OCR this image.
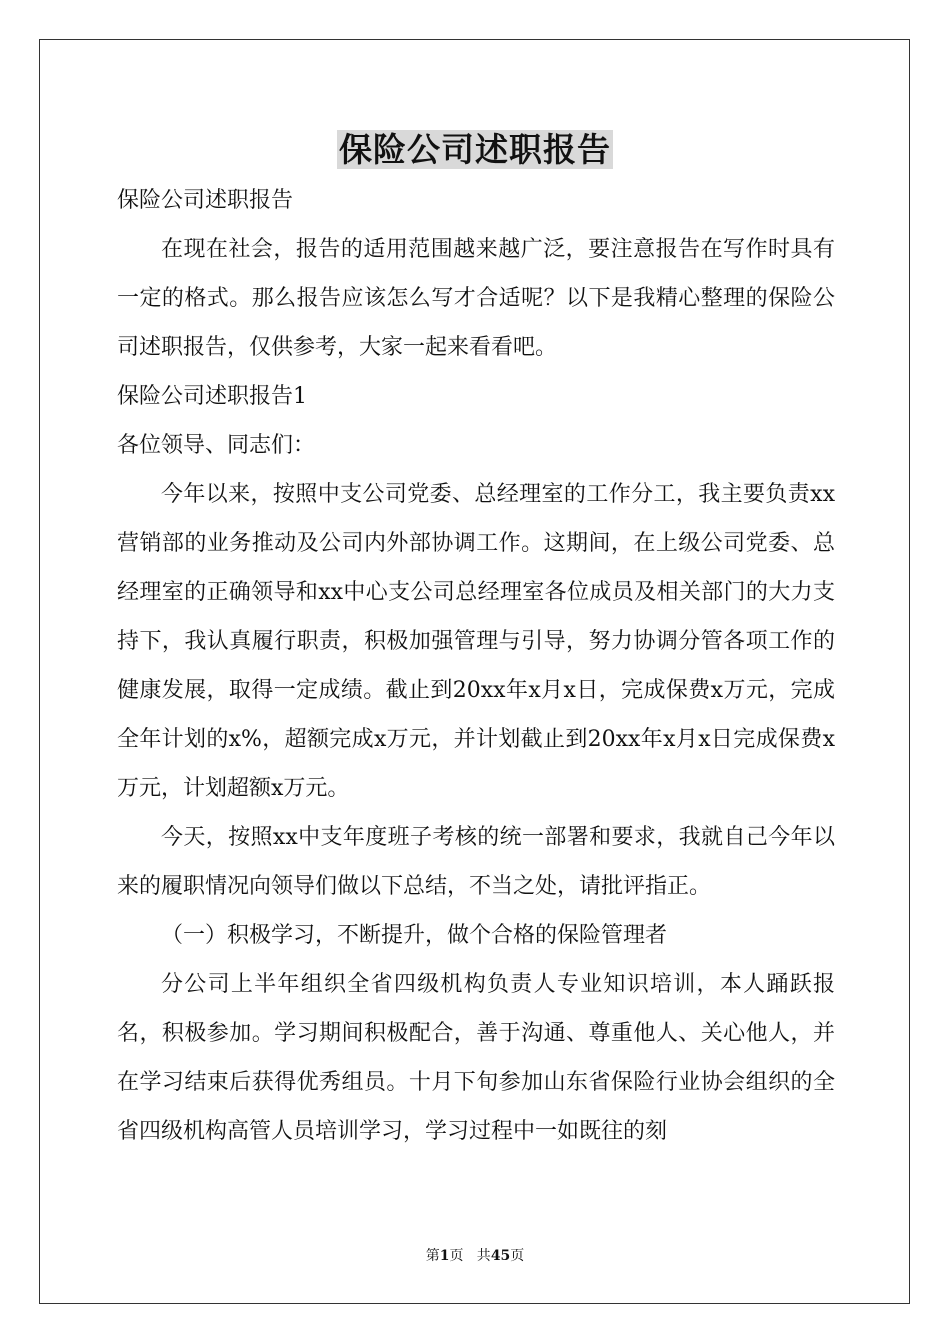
保险公司述职报告

保险公司述职报告

在现在社会，报告的适用范围越来越广泛，要注意报告在写作时具有一定的格式。那么报告应该怎么写才合适呢？以下是我精心整理的保险公司述职报告，仅供参考，大家一起来看看吧。

保险公司述职报告1

各位领导、同志们：

今年以来，按照中支公司党委、总经理室的工作分工，我主要负责xx营销部的业务推动及公司内外部协调工作。这期间，在上级公司党委、总经理室的正确领导和xx中心支公司总经理室各位成员及相关部门的大力支持下，我认真履行职责，积极加强管理与引导，努力协调分管各项工作的健康发展，取得一定成绩。截止到20xx年x月x日，完成保费x万元，完成全年计划的x%，超额完成x万元，并计划截止到20xx年x月x日完成保费x万元，计划超额x万元。

今天，按照xx中支年度班子考核的统一部署和要求，我就自己今年以来的履职情况向领导们做以下总结，不当之处，请批评指正。

（一）积极学习，不断提升，做个合格的保险管理者

分公司上半年组织全省四级机构负责人专业知识培训，本人踊跃报名，积极参加。学习期间积极配合，善于沟通、尊重他人、关心他人，并在学习结束后获得优秀组员。十月下旬参加山东省保险行业协会组织的全省四级机构高管人员培训学习，学习过程中一如既往的刻

第1页   共45页
